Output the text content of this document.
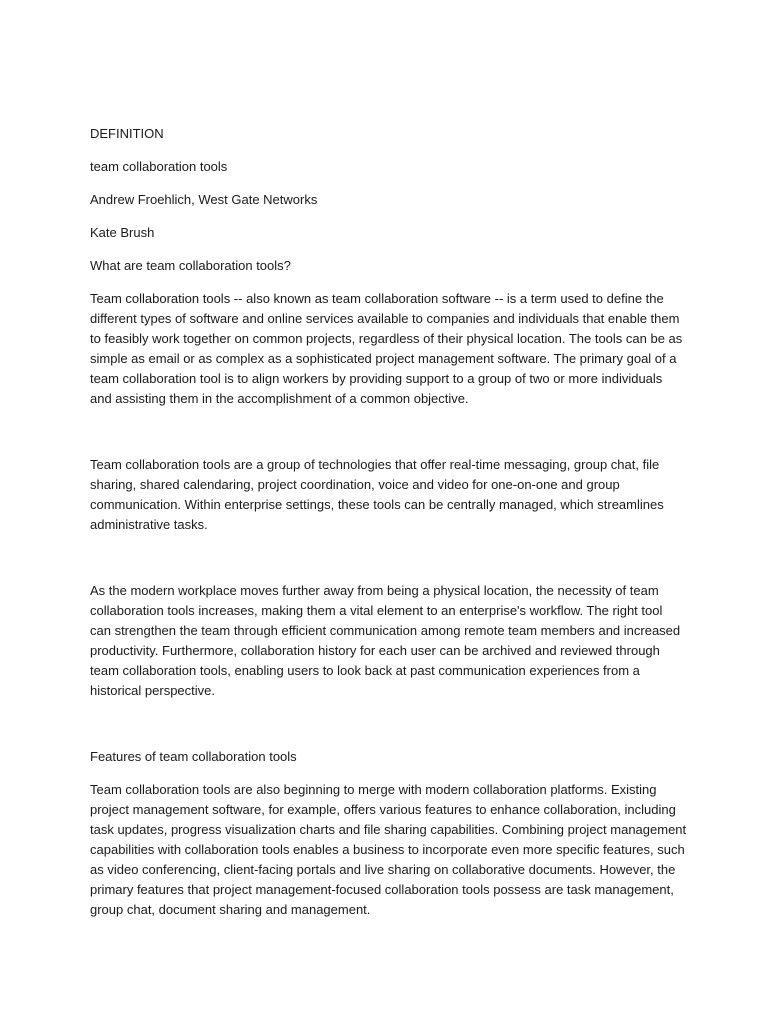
DEFINITION

team collaboration tools

Andrew Froehlich, West Gate Networks

Kate Brush

What are team collaboration tools?

Team collaboration tools -- also known as team collaboration software -- is a term used to define the
different types of software and online services available to companies and individuals that enable them
to feasibly work together on common projects, regardless of their physical location. The tools can be as
simple as email or as complex as a sophisticated project management software. The primary goal of a
team collaboration tool is to align workers by providing support to a group of two or more individuals
and assisting them in the accomplishment of a common objective.

Team collaboration tools are a group of technologies that offer real-time messaging, group chat, file
sharing, shared calendaring, project coordination, voice and video for one-on-one and group
communication. Within enterprise settings, these tools can be centrally managed, which streamlines
administrative tasks.

As the modern workplace moves further away from being a physical location, the necessity of team
collaboration tools increases, making them a vital element to an enterprise's workflow. The right tool
can strengthen the team through efficient communication among remote team members and increased
productivity. Furthermore, collaboration history for each user can be archived and reviewed through
team collaboration tools, enabling users to look back at past communication experiences from a
historical perspective.

Features of team collaboration tools

Team collaboration tools are also beginning to merge with modern collaboration platforms. Existing
project management software, for example, offers various features to enhance collaboration, including
task updates, progress visualization charts and file sharing capabilities. Combining project management
capabilities with collaboration tools enables a business to incorporate even more specific features, such
as video conferencing, client-facing portals and live sharing on collaborative documents. However, the
primary features that project management-focused collaboration tools possess are task management,
group chat, document sharing and management.
